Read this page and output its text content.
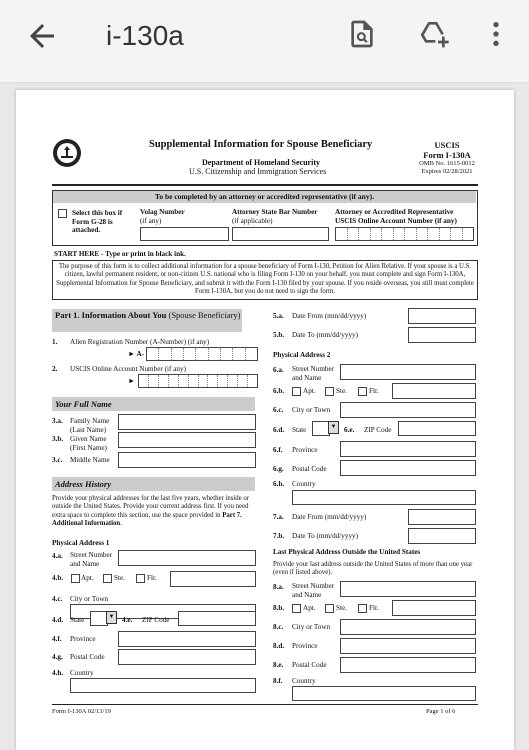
i-130a
Supplemental Information for Spouse Beneficiary
Department of Homeland Security
U.S. Citizenship and Immigration Services
USCIS
Form I-130A
OMB No. 1615-0012
Expires 02/28/2021
To be completed by an attorney or accredited representative (if any).
Select this box if Form G-28 is attached.
Volag Number
(if any)
Attorney State Bar Number
(if applicable)
Attorney or Accredited Representative USCIS Online Account Number (if any)
START HERE - Type or print in black ink.
The purpose of this form is to collect additional information for a spouse beneficiary of Form I-130, Petition for Alien Relative. If your spouse is a U.S. citizen, lawful permanent resident, or non-citizen U.S. national who is filing Form I-130 on your behalf, you must complete and sign Form I-130A, Supplemental Information for Spouse Beneficiary, and submit it with the Form I-130 filed by your spouse. If you reside overseas, you still must complete Form I-130A, but you do not need to sign the form.
Part 1. Information About You (Spouse Beneficiary)
1. Alien Registration Number (A-Number) (if any)
► A-
2. USCIS Online Account Number (if any)
►
Your Full Name
3.a. Family Name (Last Name)
3.b. Given Name (First Name)
3.c. Middle Name
Address History
Provide your physical addresses for the last five years, whether inside or outside the United States. Provide your current address first. If you need extra space to complete this section, use the space provided in Part 7. Additional Information.
Physical Address 1
4.a. Street Number and Name
4.b. Apt.	Ste.	Flr.
4.c. City or Town
4.d. State	▼	4.e. ZIP Code
4.f. Province
4.g. Postal Code
4.h. Country
5.a. Date From (mm/dd/yyyy)
5.b. Date To (mm/dd/yyyy)
Physical Address 2
6.a. Street Number and Name
6.b.	Apt.	Ste.	Flr.
6.c. City or Town
6.d. State	▼	6.e. ZIP Code
6.f. Province
6.g. Postal Code
6.h. Country
7.a. Date From (mm/dd/yyyy)
7.b. Date To (mm/dd/yyyy)
Last Physical Address Outside the United States
Provide your last address outside the United States of more than one year (even if listed above).
8.a. Street Number and Name
8.b.	Apt.	Ste.	Flr.
8.c. City or Town
8.d. Province
8.e. Postal Code
8.f. Country
Form I-130A 02/13/19	Page 1 of 6
